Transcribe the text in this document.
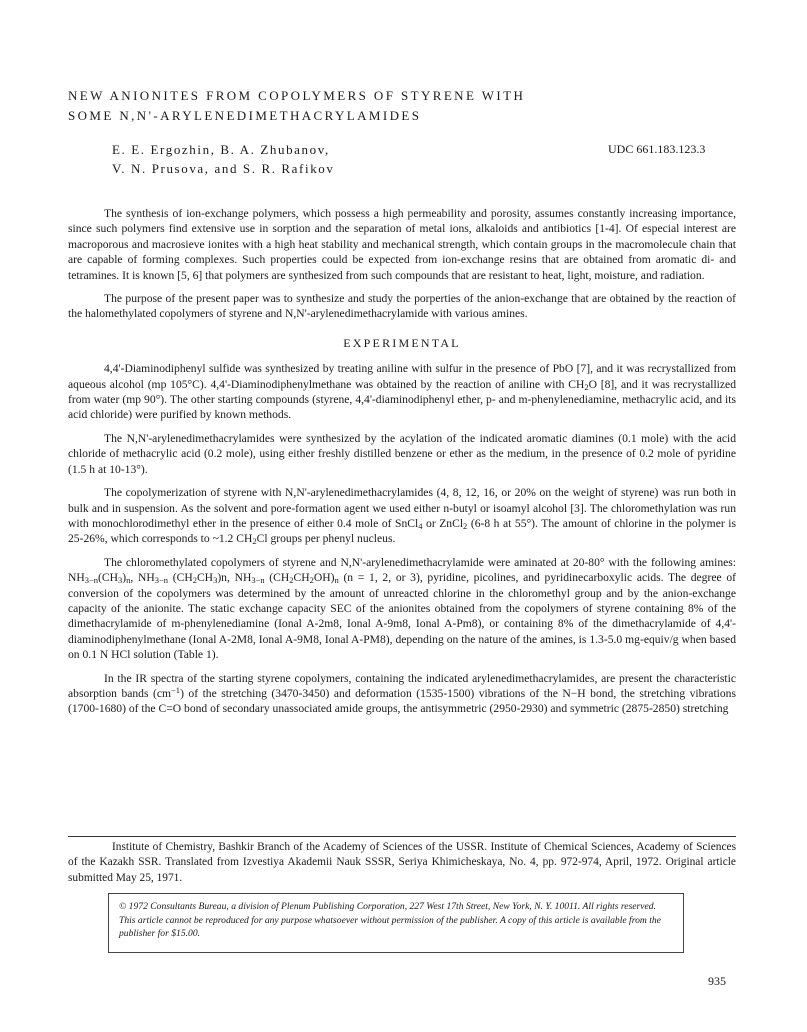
NEW ANIONITES FROM COPOLYMERS OF STYRENE WITH
SOME N,N'-ARYLENEDIMETHACRYLAMIDES
E. E. Ergozhin, B. A. Zhubanov,
V. N. Prusova, and S. R. Rafikov
UDC 661.183.123.3

The synthesis of ion-exchange polymers, which possess a high permeability and porosity, assumes constantly increasing importance, since such polymers find extensive use in sorption and the separation of metal ions, alkaloids and antibiotics [1-4]. Of especial interest are macroporous and macrosieve ionites with a high heat stability and mechanical strength, which contain groups in the macromolecule chain that are capable of forming complexes. Such properties could be expected from ion-exchange resins that are obtained from aromatic di- and tetramines. It is known [5, 6] that polymers are synthesized from such compounds that are resistant to heat, light, moisture, and radiation.

The purpose of the present paper was to synthesize and study the porperties of the anion-exchange that are obtained by the reaction of the halomethylated copolymers of styrene and N,N'-arylenedimethacrylamide with various amines.

EXPERIMENTAL

4,4'-Diaminodiphenyl sulfide was synthesized by treating aniline with sulfur in the presence of PbO [7], and it was recrystallized from aqueous alcohol (mp 105°C). 4,4'-Diaminodiphenylmethane was obtained by the reaction of aniline with $CH_2O$ [8], and it was recrystallized from water (mp 90°). The other starting compounds (styrene, 4,4'-diaminodiphenyl ether, p- and m-phenylenediamine, methacrylic acid, and its acid chloride) were purified by known methods.

The N,N'-arylenedimethacrylamides were synthesized by the acylation of the indicated aromatic diamines (0.1 mole) with the acid chloride of methacrylic acid (0.2 mole), using either freshly distilled benzene or ether as the medium, in the presence of 0.2 mole of pyridine (1.5 h at 10-13°).

The copolymerization of styrene with N,N'-arylenedimethacrylamides (4, 8, 12, 16, or 20% on the weight of styrene) was run both in bulk and in suspension. As the solvent and pore-formation agent we used either n-butyl or isoamyl alcohol [3]. The chloromethylation was run with monochlorodimethyl ether in the presence of either 0.4 mole of SnCl$_4$ or ZnCl$_2$ (6-8 h at 55°). The amount of chlorine in the polymer is 25-26%, which corresponds to ~1.2 $CH_2Cl$ groups per phenyl nucleus.

The chloromethylated copolymers of styrene and N,N'-arylenedimethacrylamide were aminated at 20-80° with the following amines: $NH_{3-n}(CH_3)_n$, $NH_{3-n}$ $(CH_2CH_3)n$, $NH_{3-n}$ $(CH_2CH_2OH)_n$ (n = 1, 2, or 3), pyridine, picolines, and pyridinecarboxylic acids. The degree of conversion of the copolymers was determined by the amount of unreacted chlorine in the chloromethyl group and by the anion-exchange capacity of the anionite. The static exchange capacity SEC of the anionites obtained from the copolymers of styrene containing 8% of the dimethacrylamide of m-phenylenediamine (Ional A-2m8, Ional A-9m8, Ional A-Pm8), or containing 8% of the dimethacrylamide of 4,4'-diaminodiphenylmethane (Ional A-2M8, Ional A-9M8, Ional A-PM8), depending on the nature of the amines, is 1.3-5.0 mg-equiv/g when based on 0.1 N HCl solution (Table 1).

In the IR spectra of the starting styrene copolymers, containing the indicated arylenedimethacrylamides, are present the characteristic absorption bands $(cm^{-1})$ of the stretching (3470-3450) and deformation (1535-1500) vibrations of the N−H bond, the stretching vibrations (1700-1680) of the C=O bond of secondary unassociated amide groups, the antisymmetric (2950-2930) and symmetric (2875-2850) stretching

Institute of Chemistry, Bashkir Branch of the Academy of Sciences of the USSR. Institute of Chemical Sciences, Academy of Sciences of the Kazakh SSR. Translated from Izvestiya Akademii Nauk SSSR, Seriya Khimicheskaya, No. 4, pp. 972-974, April, 1972. Original article submitted May 25, 1971.
© 1972 Consultants Bureau, a division of Plenum Publishing Corporation, 227 West 17th Street, New York, N. Y. 10011. All rights reserved. This article cannot be reproduced for any purpose whatsoever without permission of the publisher. A copy of this article is available from the publisher for $15.00.
935
